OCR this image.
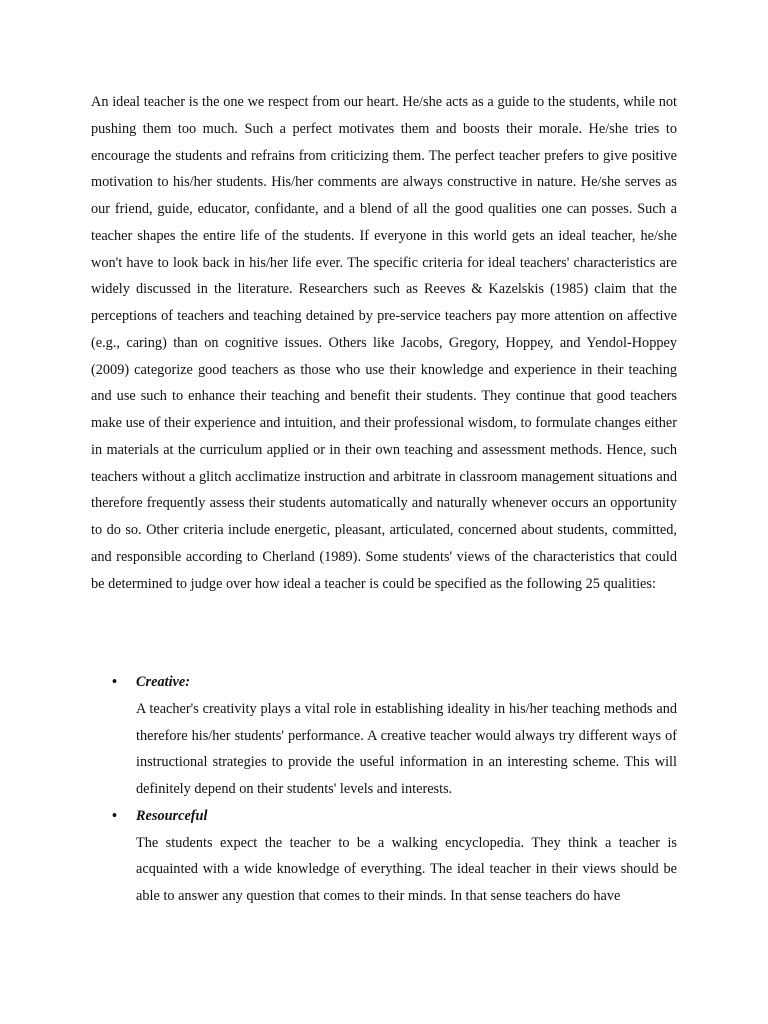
An ideal teacher is the one we respect from our heart. He/she acts as a guide to the students, while not pushing them too much. Such a perfect motivates them and boosts their morale. He/she tries to encourage the students and refrains from criticizing them. The perfect teacher prefers to give positive motivation to his/her students. His/her comments are always constructive in nature. He/she serves as our friend, guide, educator, confidante, and a blend of all the good qualities one can posses. Such a teacher shapes the entire life of the students. If everyone in this world gets an ideal teacher, he/she won't have to look back in his/her life ever. The specific criteria for ideal teachers' characteristics are widely discussed in the literature. Researchers such as Reeves & Kazelskis (1985) claim that the perceptions of teachers and teaching detained by pre-service teachers pay more attention on affective (e.g., caring) than on cognitive issues. Others like Jacobs, Gregory, Hoppey, and Yendol-Hoppey (2009) categorize good teachers as those who use their knowledge and experience in their teaching and use such to enhance their teaching and benefit their students. They continue that good teachers make use of their experience and intuition, and their professional wisdom, to formulate changes either in materials at the curriculum applied or in their own teaching and assessment methods. Hence, such teachers without a glitch acclimatize instruction and arbitrate in classroom management situations and therefore frequently assess their students automatically and naturally whenever occurs an opportunity to do so. Other criteria include energetic, pleasant, articulated, concerned about students, committed, and responsible according to Cherland (1989). Some students' views of the characteristics that could be determined to judge over how ideal a teacher is could be specified as the following 25 qualities:

•	Creative:

A teacher's creativity plays a vital role in establishing ideality in his/her teaching methods and therefore his/her students' performance. A creative teacher would always try different ways of instructional strategies to provide the useful information in an interesting scheme. This will definitely depend on their students' levels and interests.

•	Resourceful

The students expect the teacher to be a walking encyclopedia. They think a teacher is acquainted with a wide knowledge of everything. The ideal teacher in their views should be able to answer any question that comes to their minds. In that sense teachers do have
